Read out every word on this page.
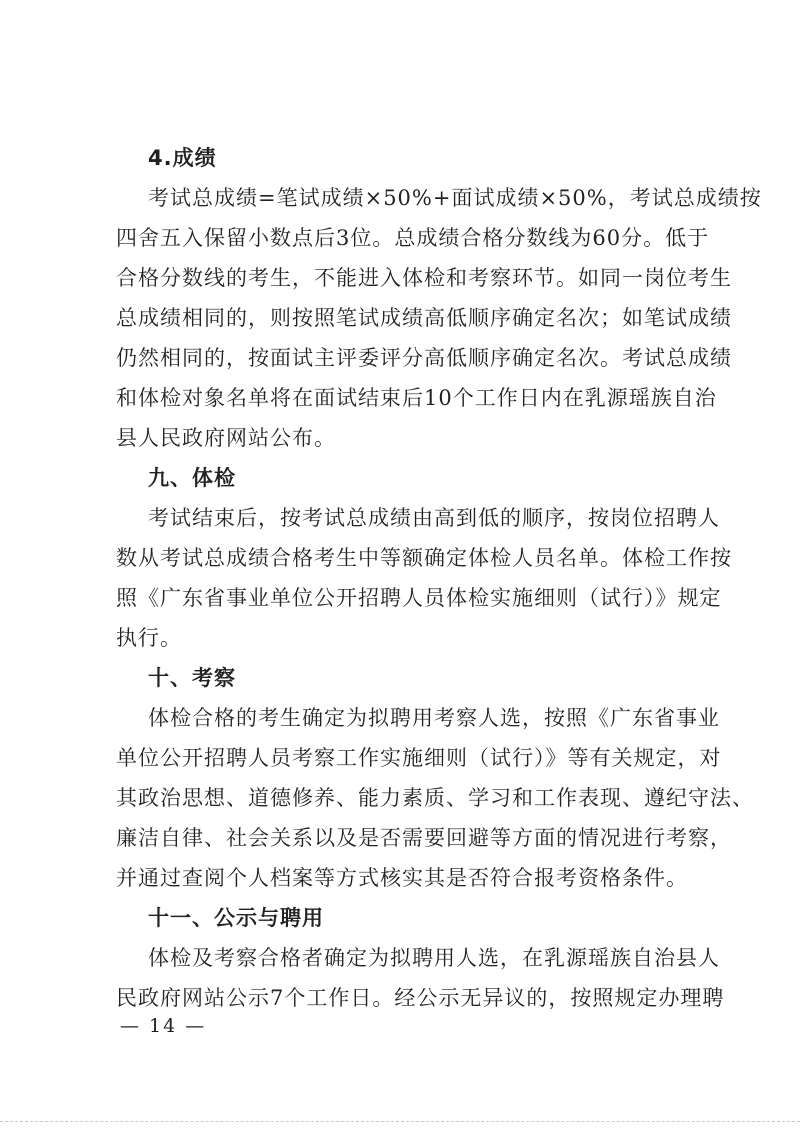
4.成绩

考试总成绩=笔试成绩×50%+面试成绩×50%，考试总成绩按
四舍五入保留小数点后3位。总成绩合格分数线为60分。低于
合格分数线的考生，不能进入体检和考察环节。如同一岗位考生
总成绩相同的，则按照笔试成绩高低顺序确定名次；如笔试成绩
仍然相同的，按面试主评委评分高低顺序确定名次。考试总成绩
和体检对象名单将在面试结束后10个工作日内在乳源瑶族自治
县人民政府网站公布。

九、体检

考试结束后，按考试总成绩由高到低的顺序，按岗位招聘人
数从考试总成绩合格考生中等额确定体检人员名单。体检工作按
照《广东省事业单位公开招聘人员体检实施细则（试行）》规定
执行。

十、考察

体检合格的考生确定为拟聘用考察人选，按照《广东省事业
单位公开招聘人员考察工作实施细则（试行）》等有关规定，对
其政治思想、道德修养、能力素质、学习和工作表现、遵纪守法、
廉洁自律、社会关系以及是否需要回避等方面的情况进行考察，
并通过查阅个人档案等方式核实其是否符合报考资格条件。

十一、公示与聘用

体检及考察合格者确定为拟聘用人选，在乳源瑶族自治县人
民政府网站公示7个工作日。经公示无异议的，按照规定办理聘

— 14 —
